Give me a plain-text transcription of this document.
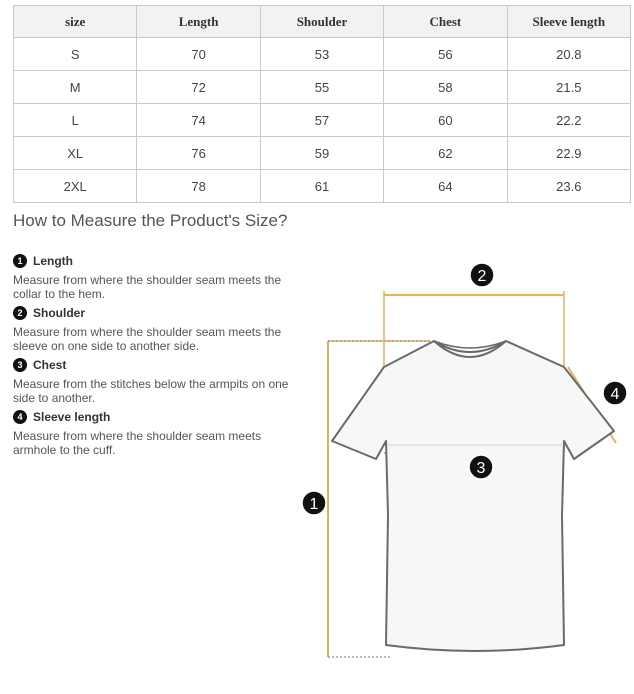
size	Length	Shoulder	Chest	Sleeve length
S	70	53	56	20.8
M	72	55	58	21.5
L	74	57	60	22.2
XL	76	59	62	22.9
2XL	78	61	64	23.6
How to Measure the Product's Size?
1 Length
Measure from where the shoulder seam meets the collar to the hem.
2 Shoulder
Measure from where the shoulder seam meets the sleeve on one side to another side.
3 Chest
Measure from the stitches below the armpits on one side to another.
4 Sleeve length
Measure from where the shoulder seam meets armhole to the cuff.
1
2
3
4
